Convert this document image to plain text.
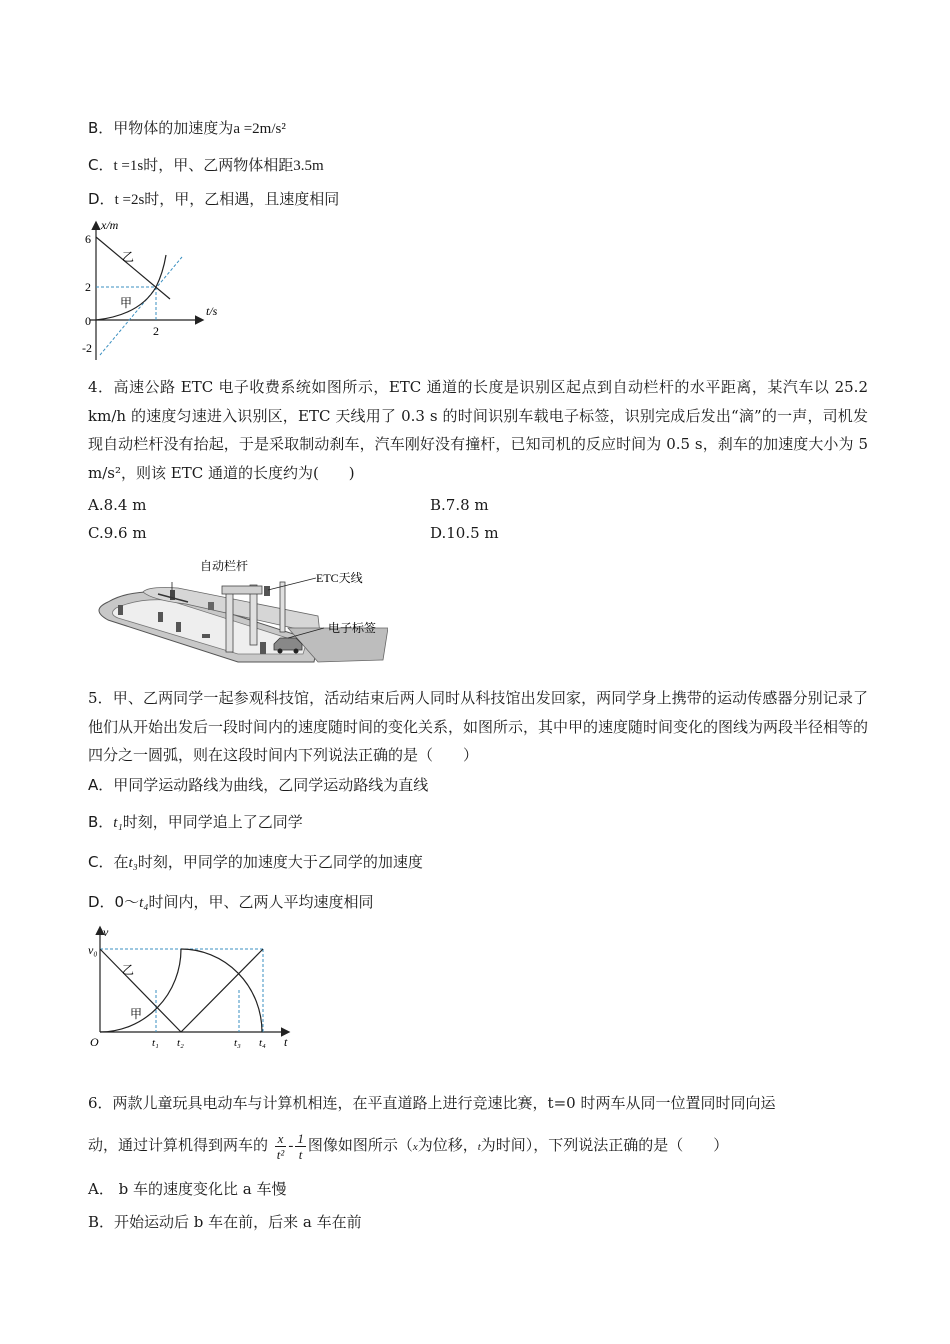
B．甲物体的加速度为a =2m/s²
C．t =1s时，甲、乙两物体相距3.5m
D．t =2s时，甲，乙相遇，且速度相同
x/m
t/s
6
2
0
-2
2
乙
甲
4．高速公路 ETC 电子收费系统如图所示，ETC 通道的长度是识别区起点到自动栏杆的水平距离，某汽车以 25.2 km/h 的速度匀速进入识别区，ETC 天线用了 0.3 s 的时间识别车载电子标签，识别完成后发出“滴”的一声，司机发现自动栏杆没有抬起，于是采取制动刹车，汽车刚好没有撞杆，已知司机的反应时间为 0.5 s，刹车的加速度大小为 5 m/s²，则该 ETC 通道的长度约为(　　)
A.8.4 m	B.7.8 m
C.9.6 m	D.10.5 m
自动栏杆
ETC天线
电子标签
5．甲、乙两同学一起参观科技馆，活动结束后两人同时从科技馆出发回家，两同学身上携带的运动传感器分别记录了他们从开始出发后一段时间内的速度随时间的变化关系，如图所示，其中甲的速度随时间变化的图线为两段半径相等的四分之一圆弧，则在这段时间内下列说法正确的是（　　）
A．甲同学运动路线为曲线，乙同学运动路线为直线
B．t₁时刻，甲同学追上了乙同学
C．在t₃时刻，甲同学的加速度大于乙同学的加速度
D．0～t₄时间内，甲、乙两人平均速度相同
v
v₀
O	t
t₁ t₂	t₃ t₄
乙
甲
6．两款儿童玩具电动车与计算机相连，在平直道路上进行竞速比赛，t=0 时两车从同一位置同时同向运
动，通过计算机得到两车的 $\frac{x}{\text{t²}} - \frac{1}{t}$ 图像如图所示（x为位移，t为时间），下列说法正确的是（　　）
A． b 车的速度变化比 a 车慢
B．开始运动后 b 车在前，后来 a 车在前
